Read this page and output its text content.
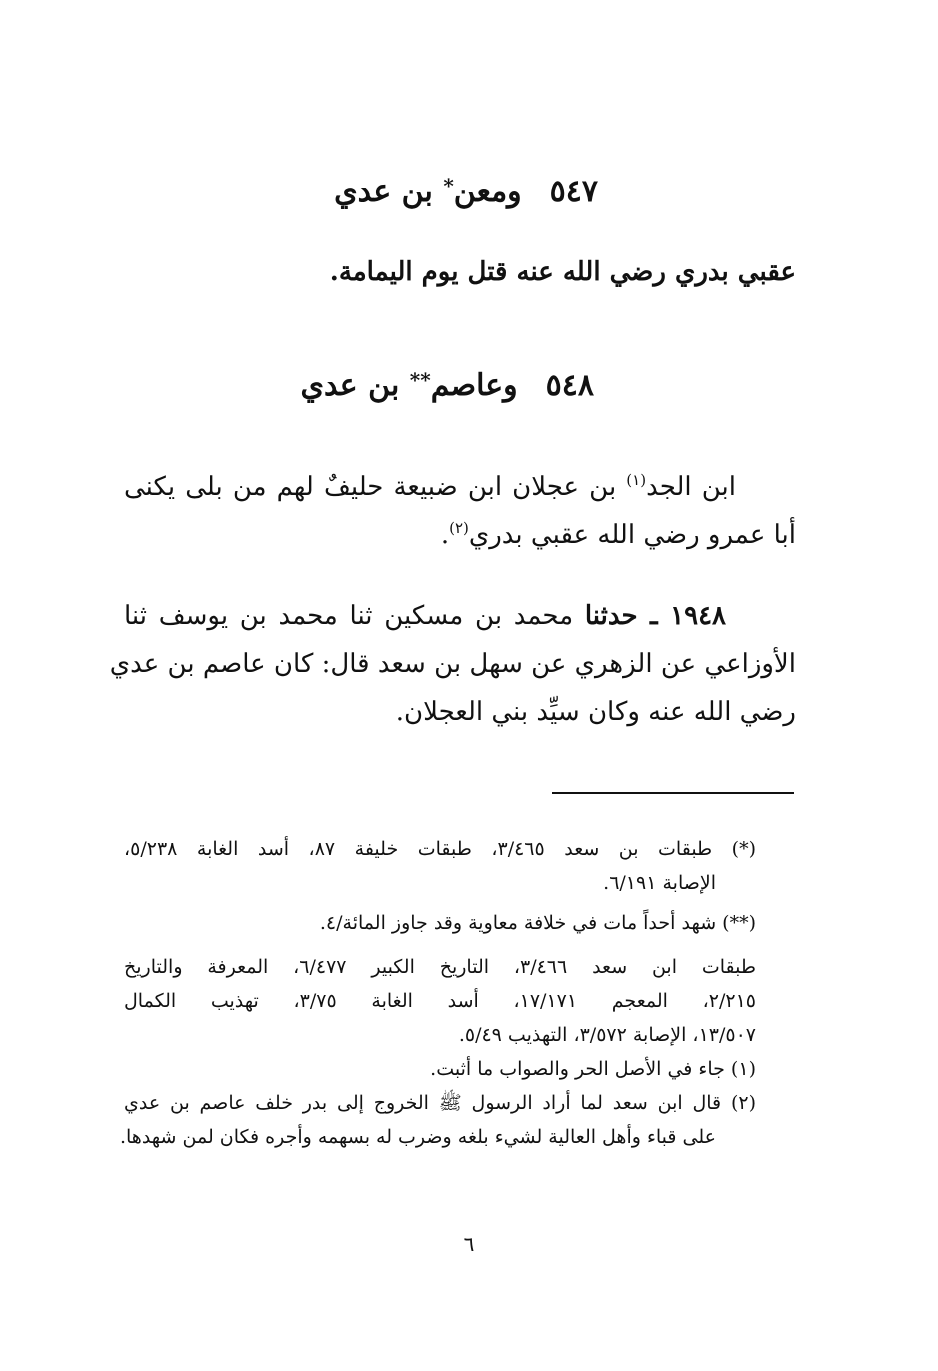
٥٤٧ومعن* بن عدي
عقبي بدري رضي الله عنه قتل يوم اليمامة.
٥٤٨وعاصم** بن عدي
ابن الجد$^{(١)}$ بن عجلان ابن ضبيعة حليفٌ لهم من بلى يكنى
أبا عمرو رضي الله عقبي بدري$^{(٢)}$.
١٩٤٨ ـ حدثنا محمد بن مسكين ثنا محمد بن يوسف ثنا
الأوزاعي عن الزهري عن سهل بن سعد قال: كان عاصم بن عدي
رضي الله عنه وكان سيِّد بني العجلان.
(*) طبقات بن سعد ٣/٤٦٥، طبقات خليفة ٨٧، أسد الغابة ٥/٢٣٨،
الإصابة ٦/١٩١.
(**) شهد أحداً مات في خلافة معاوية وقد جاوز المائة/٤.
طبقات ابن سعد ٣/٤٦٦، التاريخ الكبير ٦/٤٧٧، المعرفة والتاريخ
٢/٢١٥، المعجم ١٧/١٧١، أسد الغابة ٣/٧٥، تهذيب الكمال
١٣/٥٠٧، الإصابة ٣/٥٧٢، التهذيب ٥/٤٩.
(١) جاء في الأصل الحر والصواب ما أثبت.
(٢) قال ابن سعد لما أراد الرسول ﷺ الخروج إلى بدر خلف عاصم بن عدي
على قباء وأهل العالية لشيء بلغه وضرب له بسهمه وأجره فكان لمن شهدها.
٦
